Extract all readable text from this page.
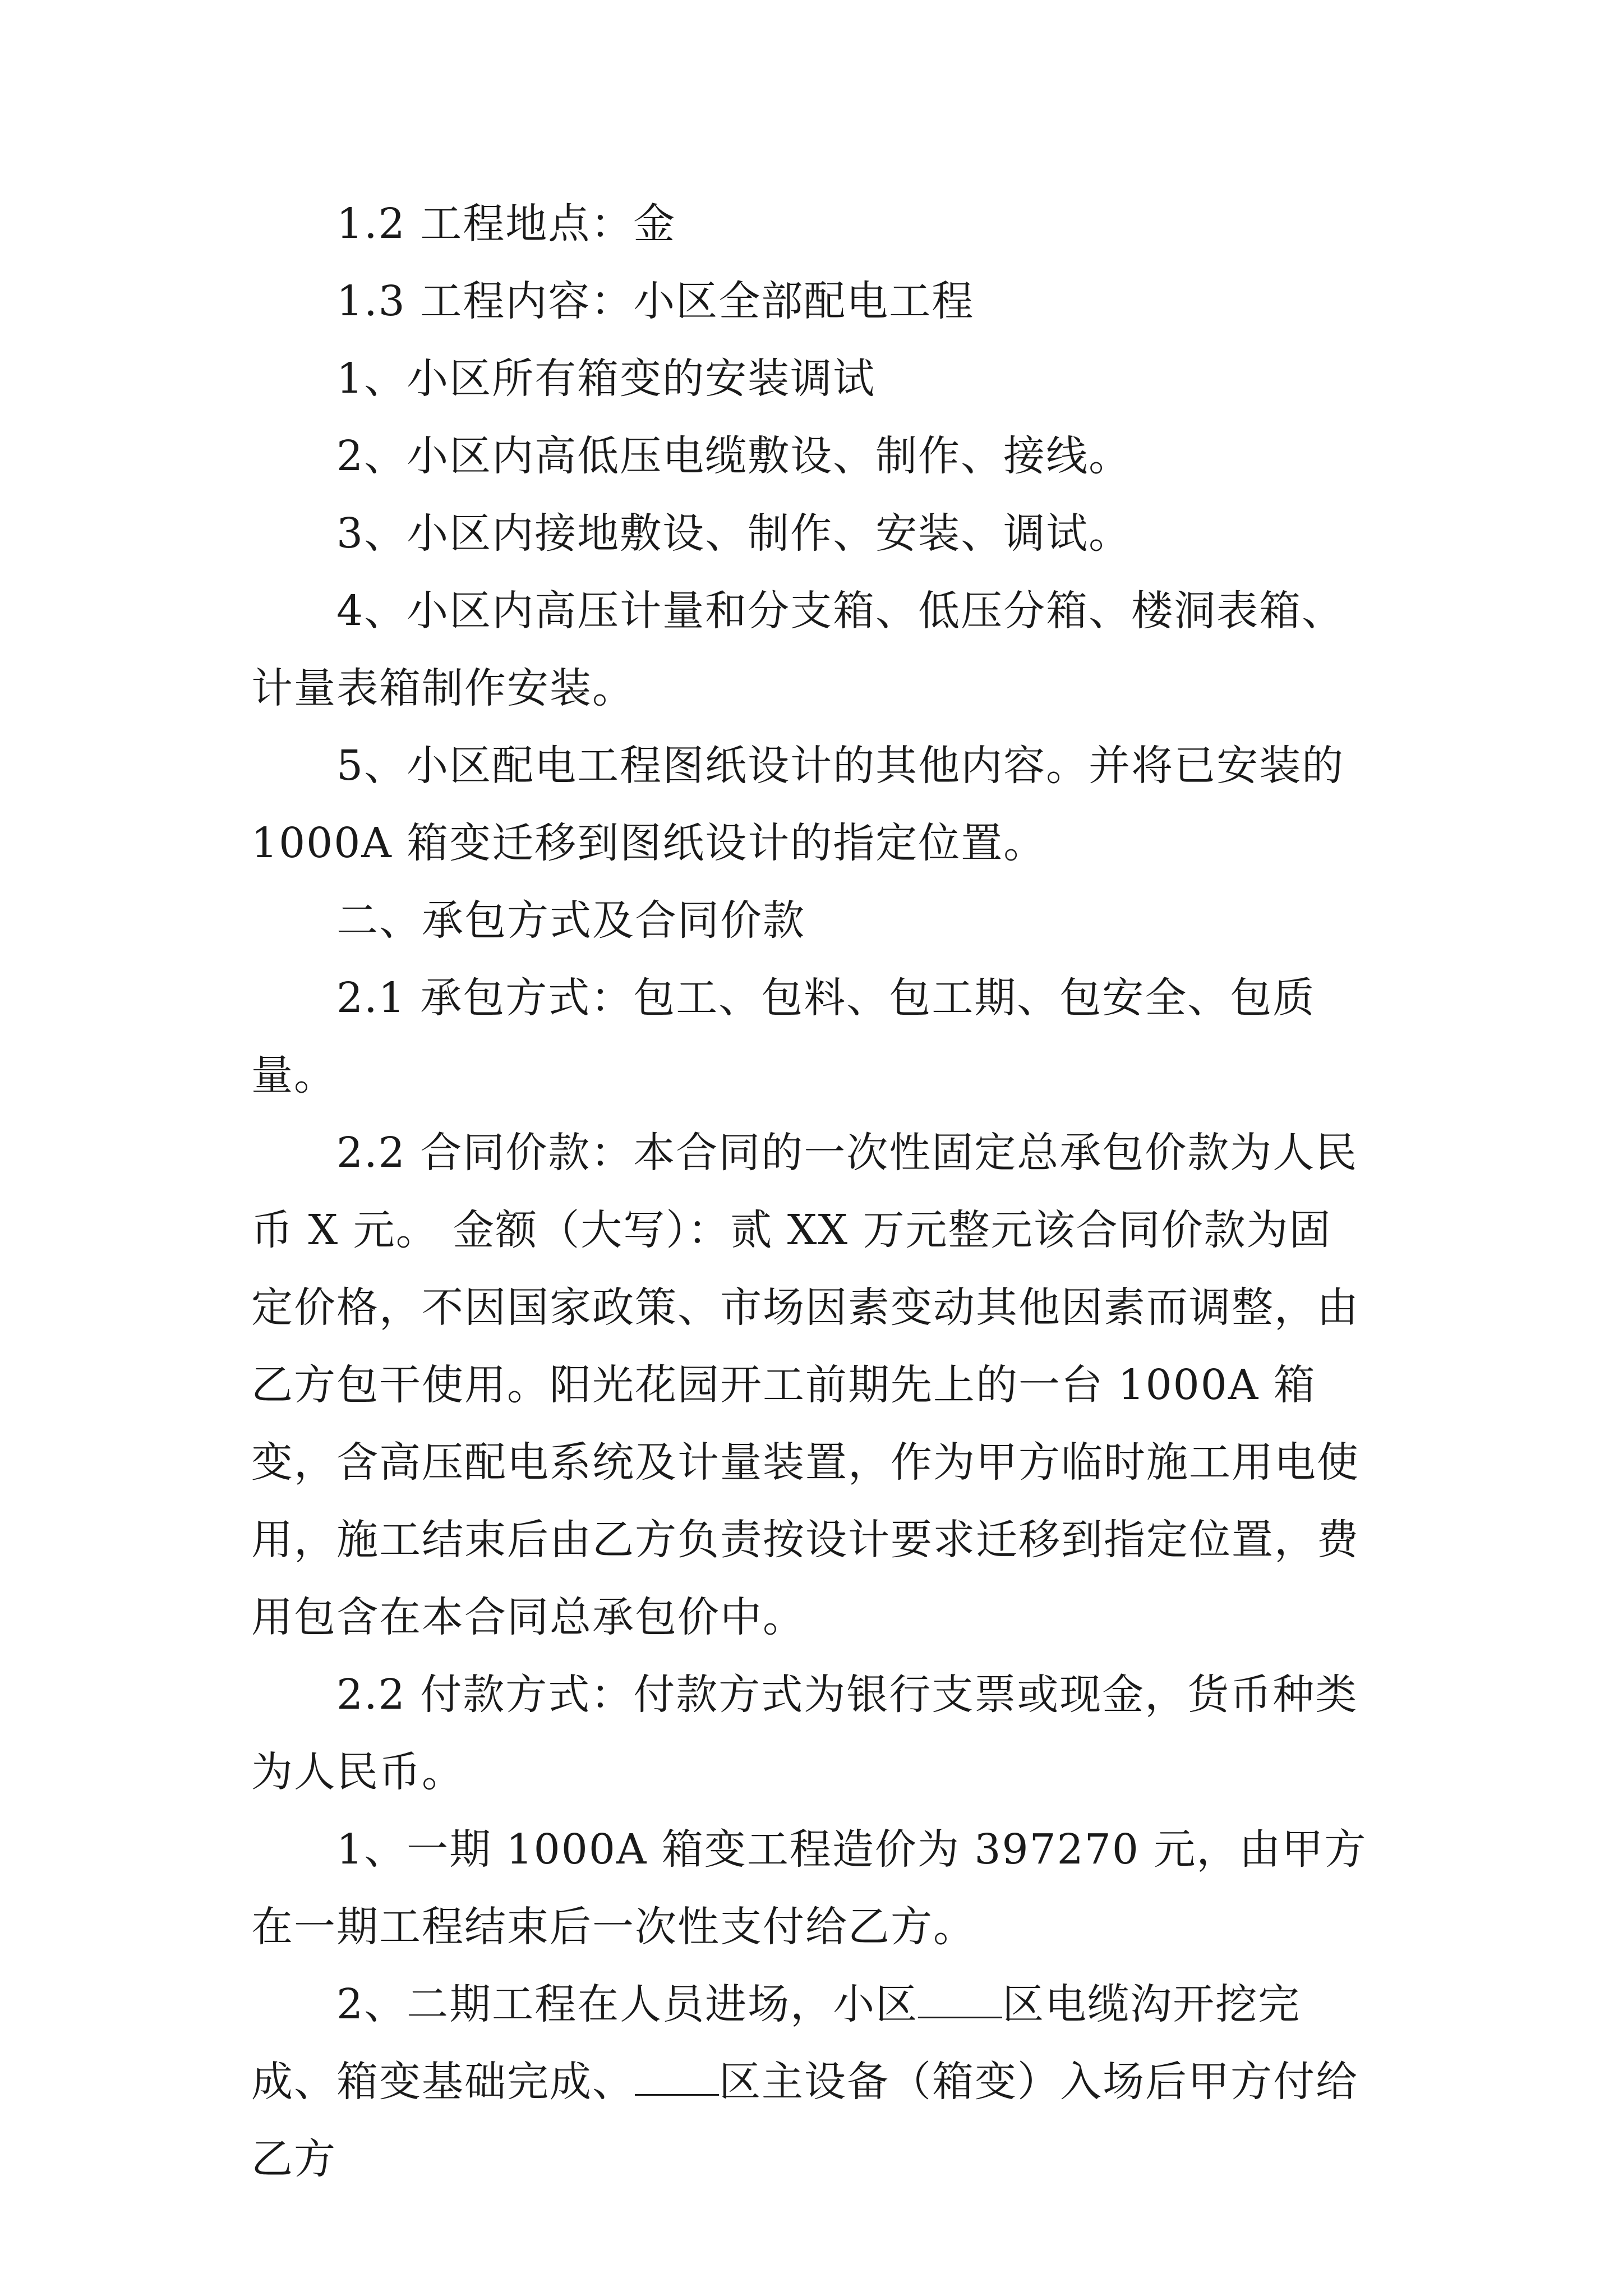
1.2 工程地点：金

1.3 工程内容：小区全部配电工程

1、小区所有箱变的安装调试

2、小区内高低压电缆敷设、制作、接线。

3、小区内接地敷设、制作、安装、调试。

4、小区内高压计量和分支箱、低压分箱、楼洞表箱、计量表箱制作安装。

5、小区配电工程图纸设计的其他内容。并将已安装的1000A 箱变迁移到图纸设计的指定位置。

二、承包方式及合同价款

2.1 承包方式：包工、包料、包工期、包安全、包质量。

2.2 合同价款：本合同的一次性固定总承包价款为人民币 X 元。 金额（大写）：贰 XX 万元整元该合同价款为固定价格，不因国家政策、市场因素变动其他因素而调整，由乙方包干使用。阳光花园开工前期先上的一台 1000A 箱变，含高压配电系统及计量装置，作为甲方临时施工用电使用，施工结束后由乙方负责按设计要求迁移到指定位置，费用包含在本合同总承包价中。

2.2 付款方式：付款方式为银行支票或现金，货币种类为人民币。

1、一期 1000A 箱变工程造价为 397270 元，由甲方在一期工程结束后一次性支付给乙方。

2、二期工程在人员进场，小区 区电缆沟开挖完成、箱变基础完成、 区主设备（箱变）入场后甲方付给乙方
